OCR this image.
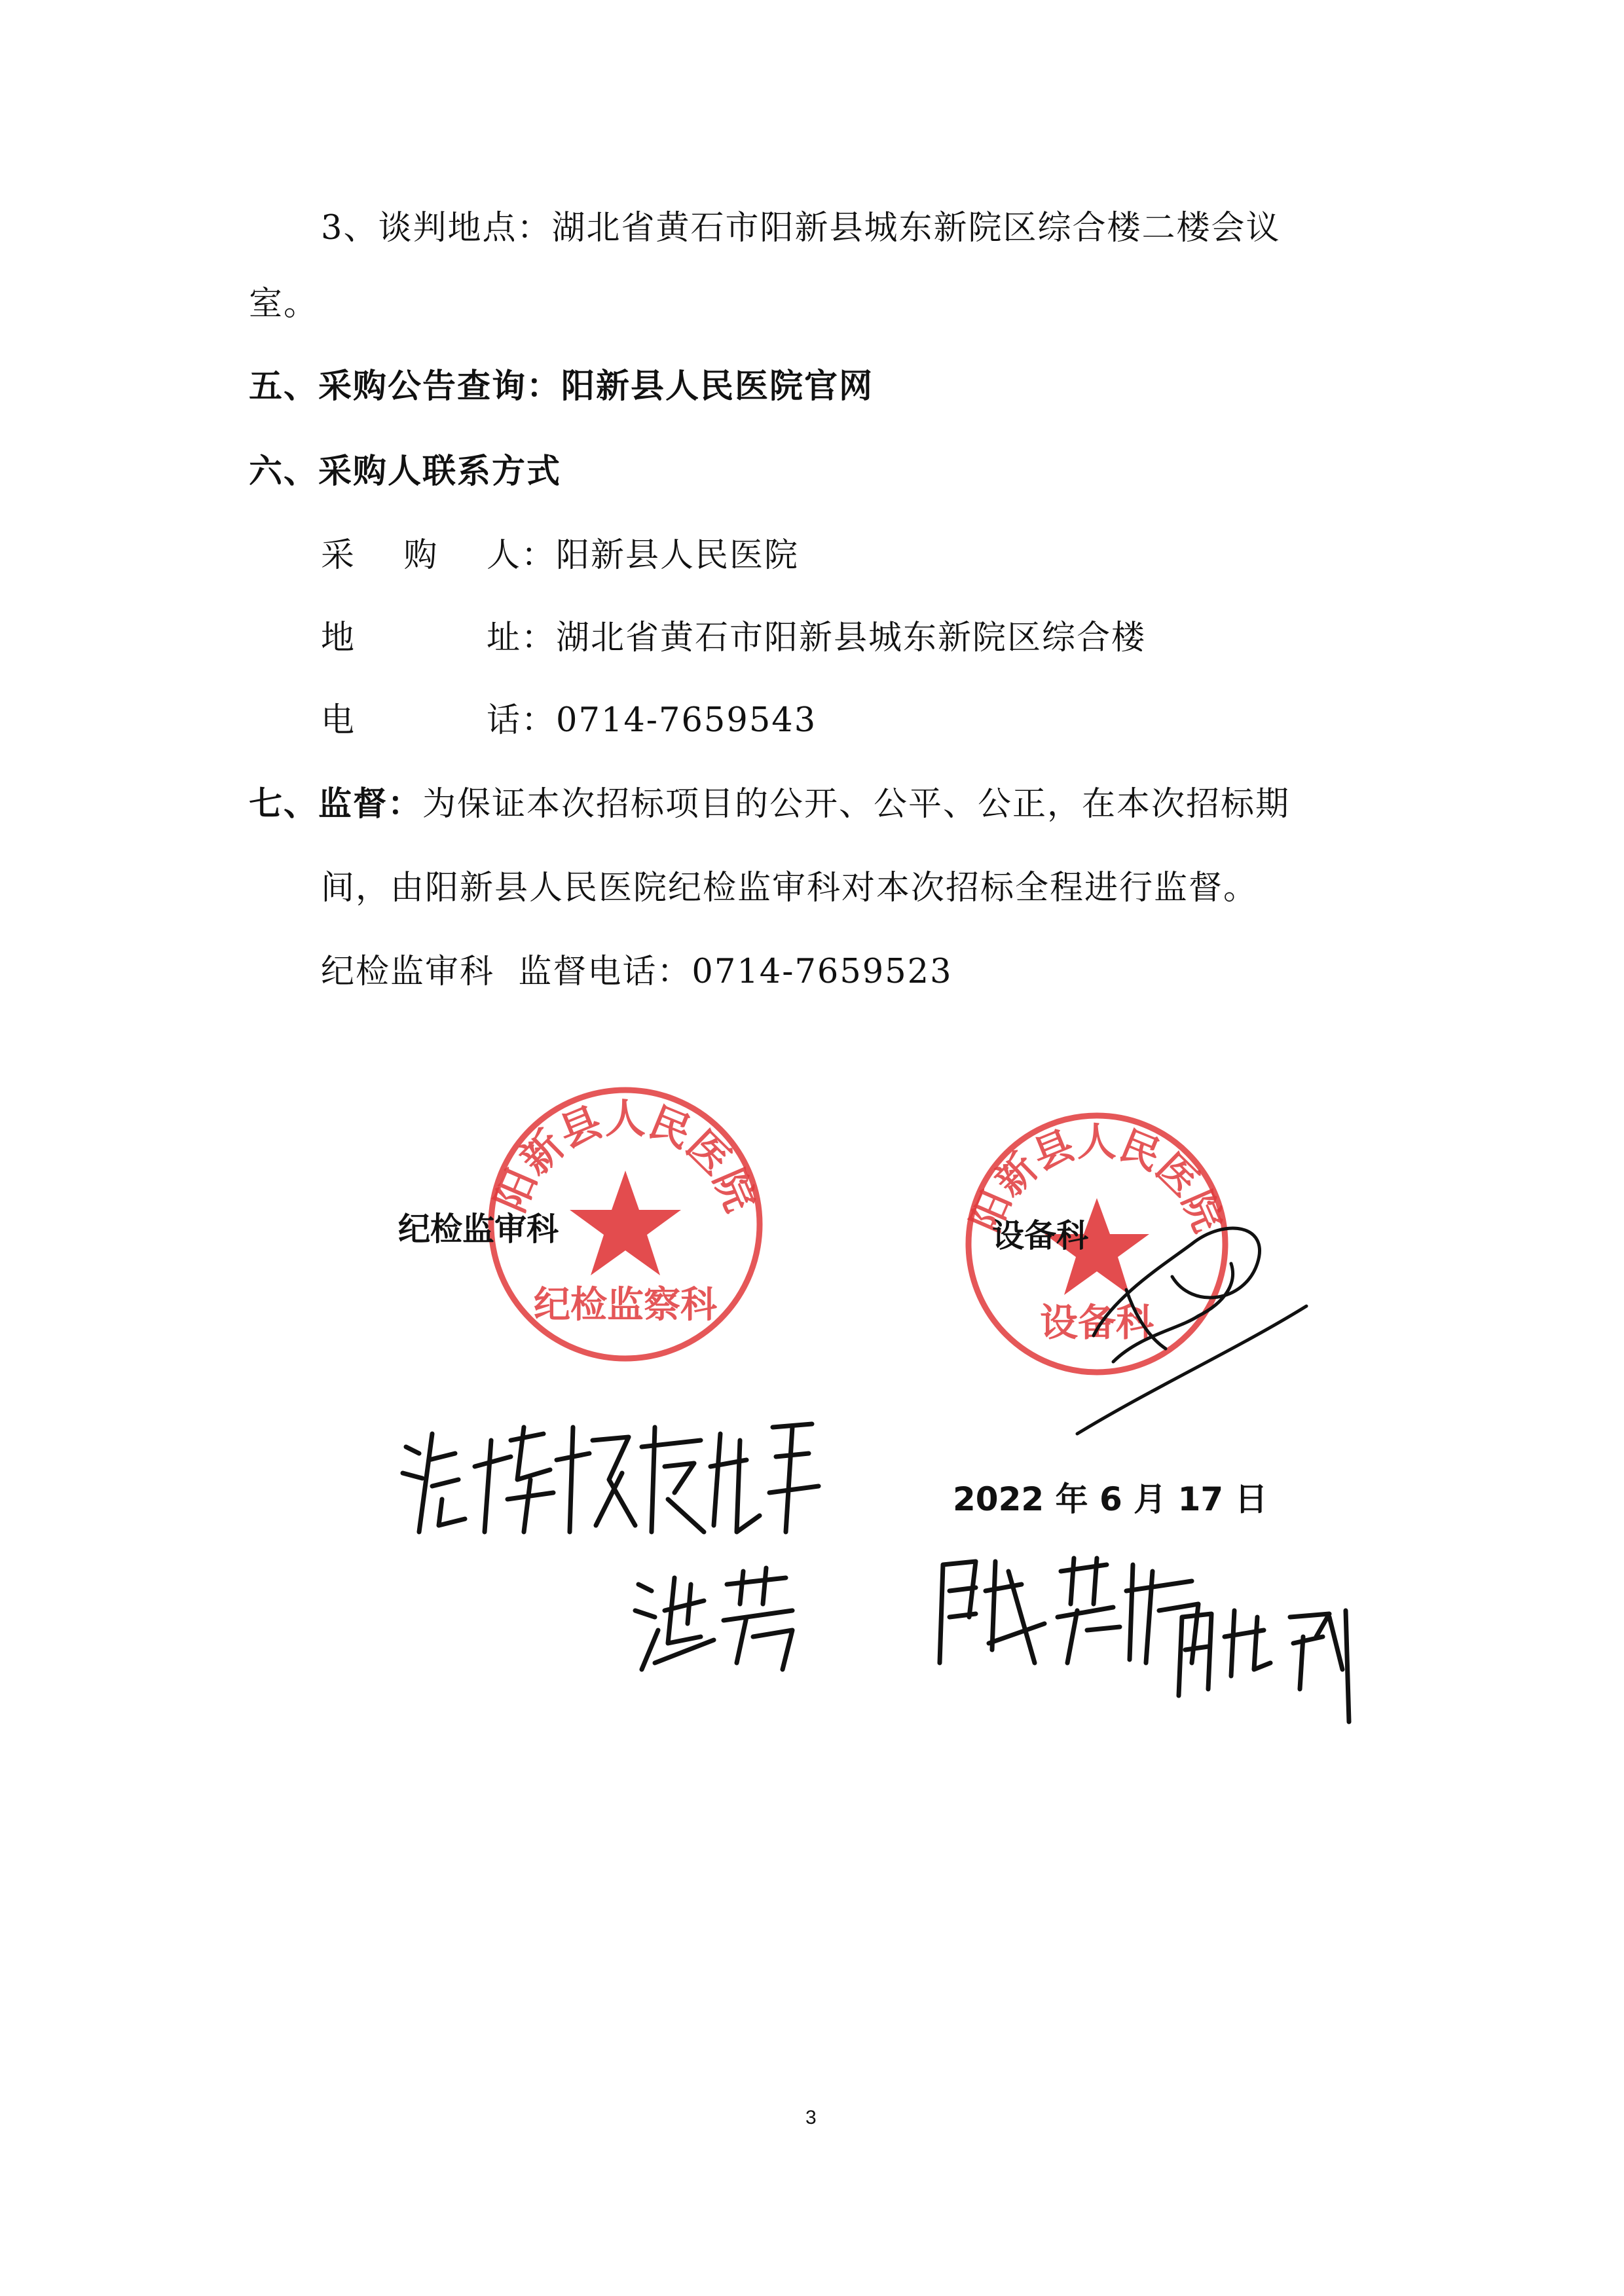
3、谈判地点：湖北省黄石市阳新县城东新院区综合楼二楼会议
室。
五、采购公告查询：阳新县人民医院官网
六、采购人联系方式
采 购 人 ：阳新县人民医院
地	址 ：湖北省黄石市阳新县城东新院区综合楼
电	话 ：0714-7659543
七、监督：为保证本次招标项目的公开、公平、公正，在本次招标期
间，由阳新县人民医院纪检监审科对本次招标全程进行监督。
纪检监审科  监督电话：0714-7659523
阳新县人民医院
纪检监察科
阳新县人民医院
设备科
纪检监审科	设备科
2022 年 6 月 17 日
3
